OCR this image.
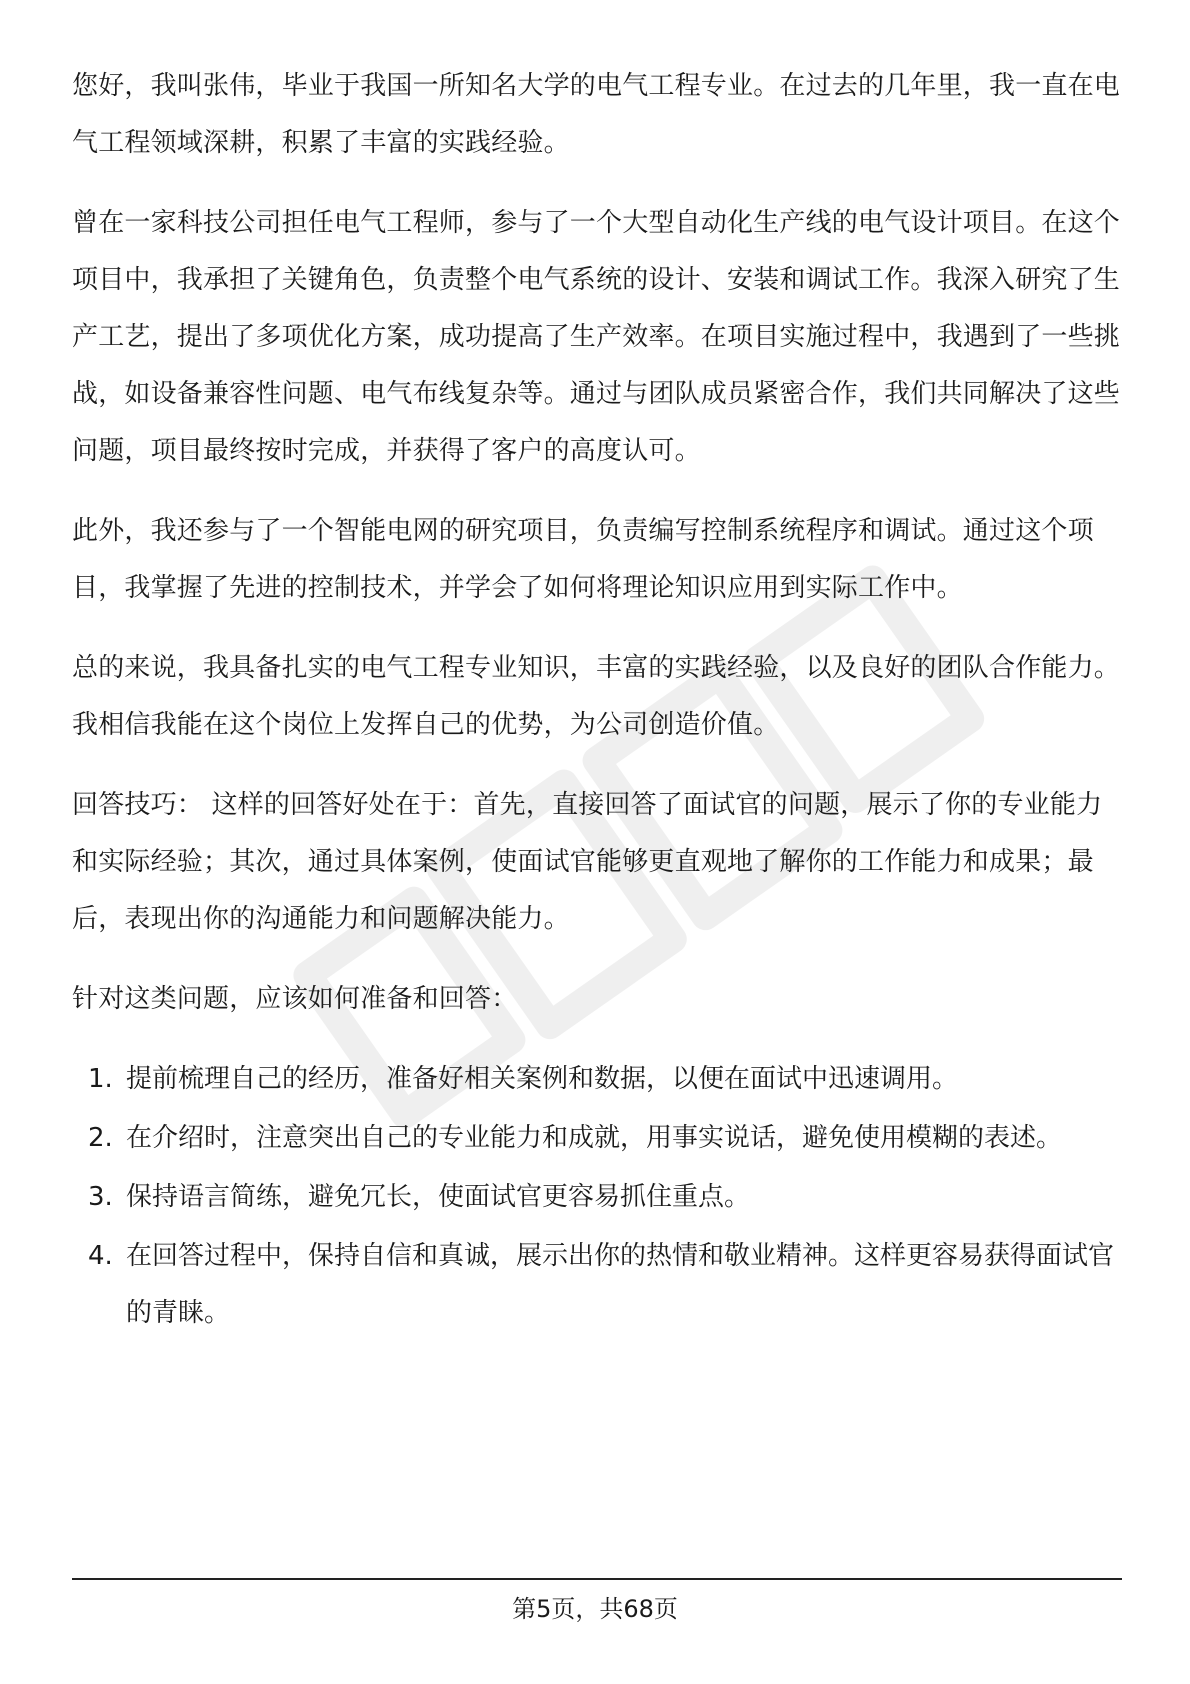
您好，我叫张伟，毕业于我国一所知名大学的电气工程专业。在过去的几年里，我一直在电气工程领域深耕，积累了丰富的实践经验。

曾在一家科技公司担任电气工程师，参与了一个大型自动化生产线的电气设计项目。在这个项目中，我承担了关键角色，负责整个电气系统的设计、安装和调试工作。我深入研究了生产工艺，提出了多项优化方案，成功提高了生产效率。在项目实施过程中，我遇到了一些挑战，如设备兼容性问题、电气布线复杂等。通过与团队成员紧密合作，我们共同解决了这些问题，项目最终按时完成，并获得了客户的高度认可。

此外，我还参与了一个智能电网的研究项目，负责编写控制系统程序和调试。通过这个项目，我掌握了先进的控制技术，并学会了如何将理论知识应用到实际工作中。

总的来说，我具备扎实的电气工程专业知识，丰富的实践经验，以及良好的团队合作能力。我相信我能在这个岗位上发挥自己的优势，为公司创造价值。

回答技巧： 这样的回答好处在于：首先，直接回答了面试官的问题，展示了你的专业能力和实际经验；其次，通过具体案例，使面试官能够更直观地了解你的工作能力和成果；最后，表现出你的沟通能力和问题解决能力。

针对这类问题，应该如何准备和回答：

1. 提前梳理自己的经历，准备好相关案例和数据，以便在面试中迅速调用。
2. 在介绍时，注意突出自己的专业能力和成就，用事实说话，避免使用模糊的表述。
3. 保持语言简练，避免冗长，使面试官更容易抓住重点。
4. 在回答过程中，保持自信和真诚，展示出你的热情和敬业精神。这样更容易获得面试官的青睐。
第5页，共68页
